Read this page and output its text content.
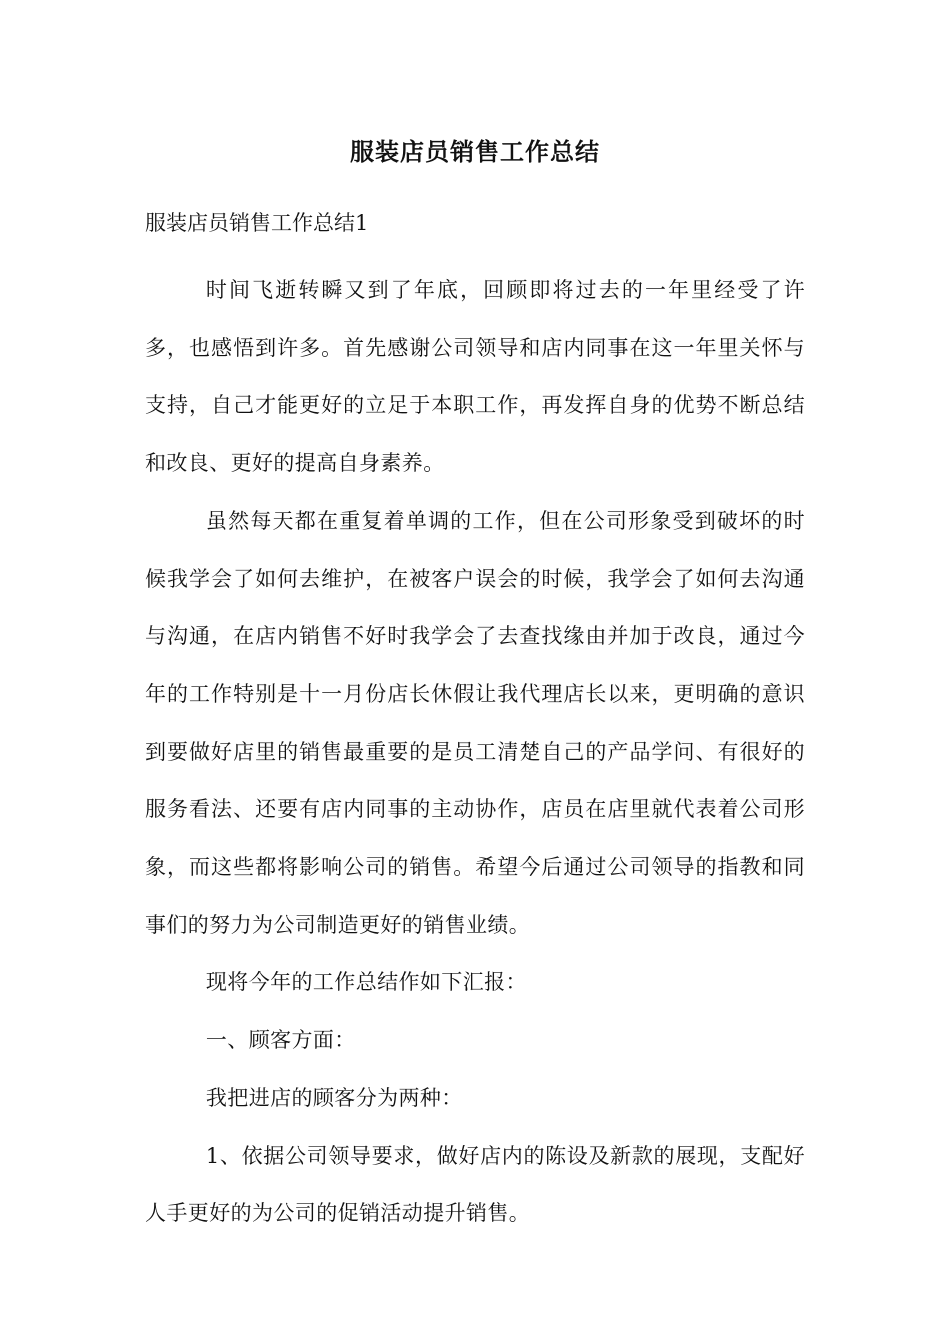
服装店员销售工作总结

服装店员销售工作总结1

时间飞逝转瞬又到了年底，回顾即将过去的一年里经受了许多，也感悟到许多。首先感谢公司领导和店内同事在这一年里关怀与支持，自己才能更好的立足于本职工作，再发挥自身的优势不断总结和改良、更好的提高自身素养。

虽然每天都在重复着单调的工作，但在公司形象受到破坏的时候我学会了如何去维护，在被客户误会的时候，我学会了如何去沟通与沟通，在店内销售不好时我学会了去查找缘由并加于改良，通过今年的工作特别是十一月份店长休假让我代理店长以来，更明确的意识到要做好店里的销售最重要的是员工清楚自己的产品学问、有很好的服务看法、还要有店内同事的主动协作，店员在店里就代表着公司形象，而这些都将影响公司的销售。希望今后通过公司领导的指教和同事们的努力为公司制造更好的销售业绩。

现将今年的工作总结作如下汇报：

一、顾客方面：

我把进店的顾客分为两种：

1、依据公司领导要求，做好店内的陈设及新款的展现，支配好人手更好的为公司的促销活动提升销售。
